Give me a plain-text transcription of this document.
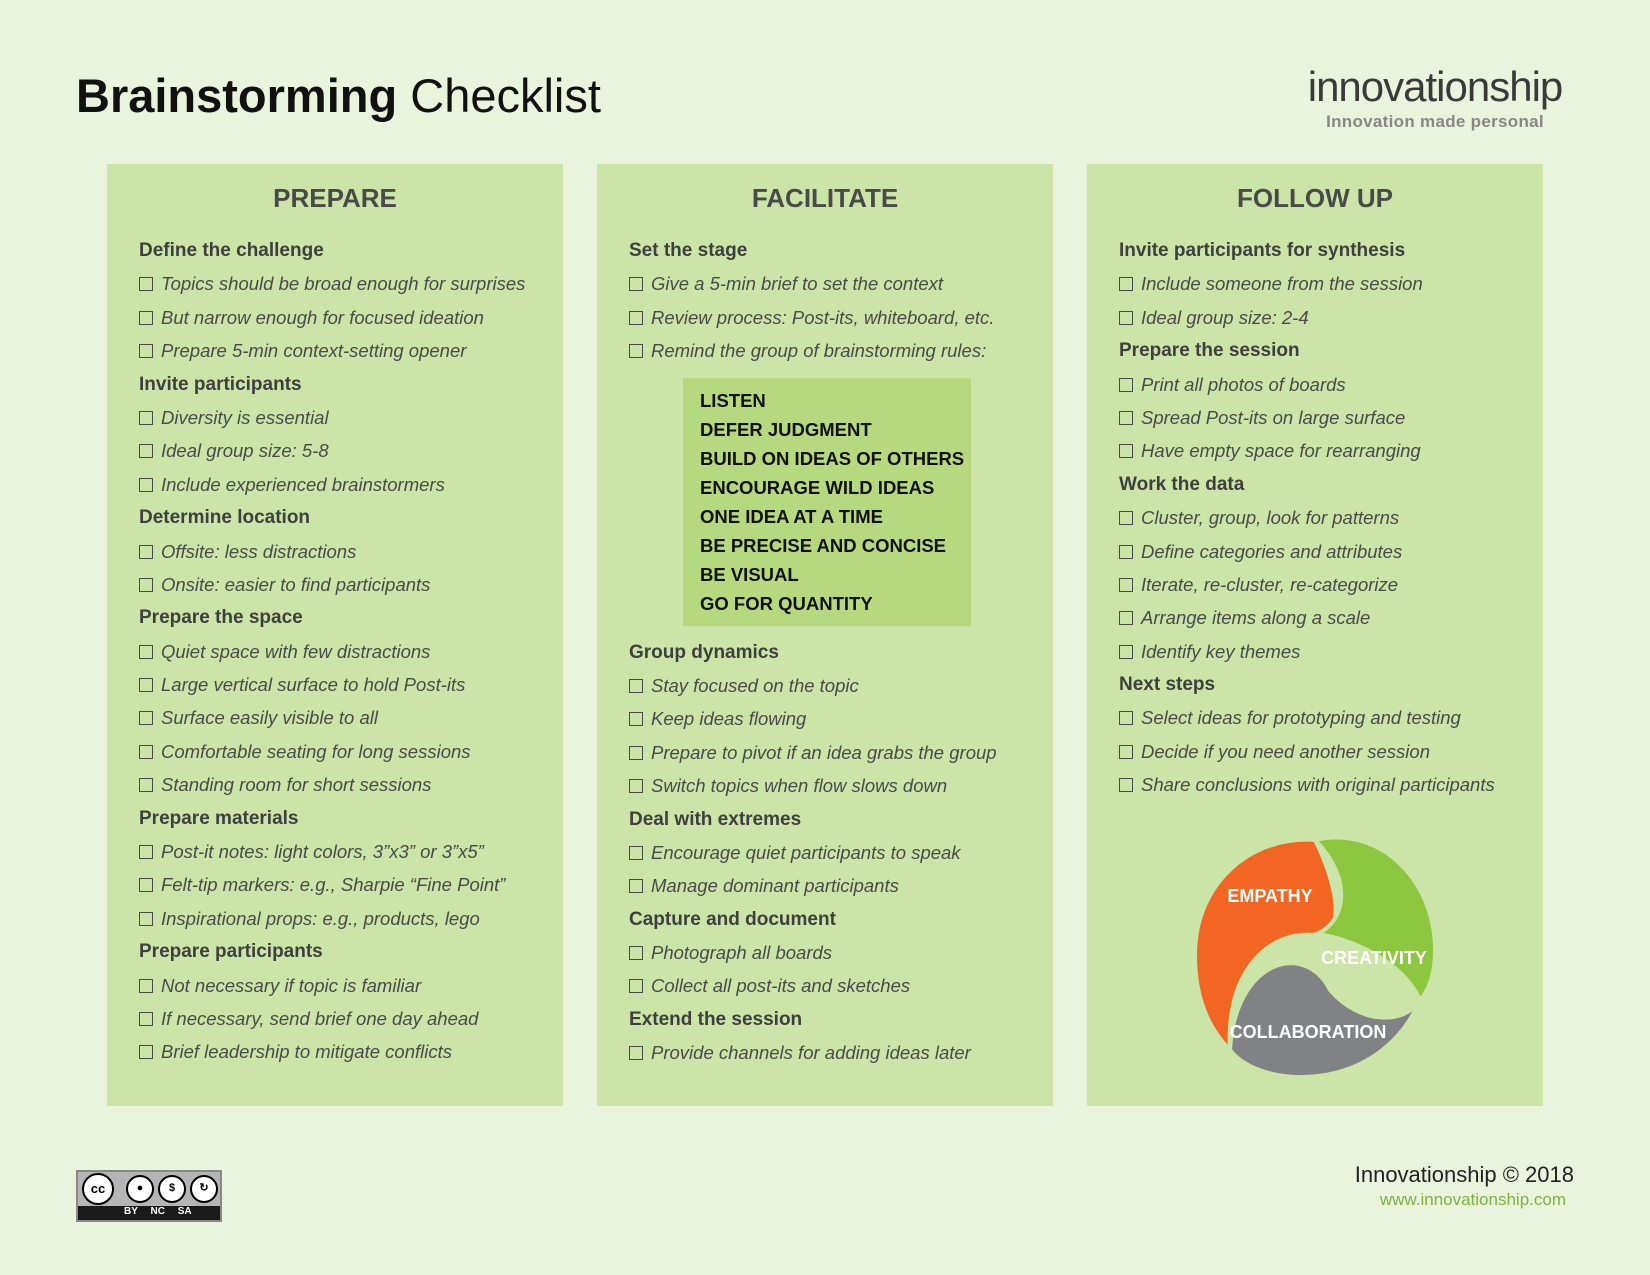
Brainstorming Checklist	innovationship
Innovation made personal
PREPARE
Define the challenge
Topics should be broad enough for surprises
But narrow enough for focused ideation
Prepare 5-min context-setting opener
Invite participants
Diversity is essential
Ideal group size: 5-8
Include experienced brainstormers
Determine location
Offsite: less distractions
Onsite: easier to find participants
Prepare the space
Quiet space with few distractions
Large vertical surface to hold Post-its
Surface easily visible to all
Comfortable seating for long sessions
Standing room for short sessions
Prepare materials
Post-it notes: light colors, 3”x3” or 3”x5”
Felt-tip markers: e.g., Sharpie “Fine Point”
Inspirational props: e.g., products, lego
Prepare participants
Not necessary if topic is familiar
If necessary, send brief one day ahead
Brief leadership to mitigate conflicts
FACILITATE
Set the stage
Give a 5-min brief to set the context
Review process: Post-its, whiteboard, etc.
Remind the group of brainstorming rules:
LISTEN
DEFER JUDGMENT
BUILD ON IDEAS OF OTHERS
ENCOURAGE WILD IDEAS
ONE IDEA AT A TIME
BE PRECISE AND CONCISE
BE VISUAL
GO FOR QUANTITY
Group dynamics
Stay focused on the topic
Keep ideas flowing
Prepare to pivot if an idea grabs the group
Switch topics when flow slows down
Deal with extremes
Encourage quiet participants to speak
Manage dominant participants
Capture and document
Photograph all boards
Collect all post-its and sketches
Extend the session
Provide channels for adding ideas later
FOLLOW UP
Invite participants for synthesis
Include someone from the session
Ideal group size: 2-4
Prepare the session
Print all photos of boards
Spread Post-its on large surface
Have empty space for rearranging
Work the data
Cluster, group, look for patterns
Define categories and attributes
Iterate, re-cluster, re-categorize
Arrange items along a scale
Identify key themes
Next steps
Select ideas for prototyping and testing
Decide if you need another session
Share conclusions with original participants
EMPATHY
CREATIVITY
COLLABORATION
cc	●	$	↻
BY NC SA
Innovationship © 2018
www.innovationship.com
